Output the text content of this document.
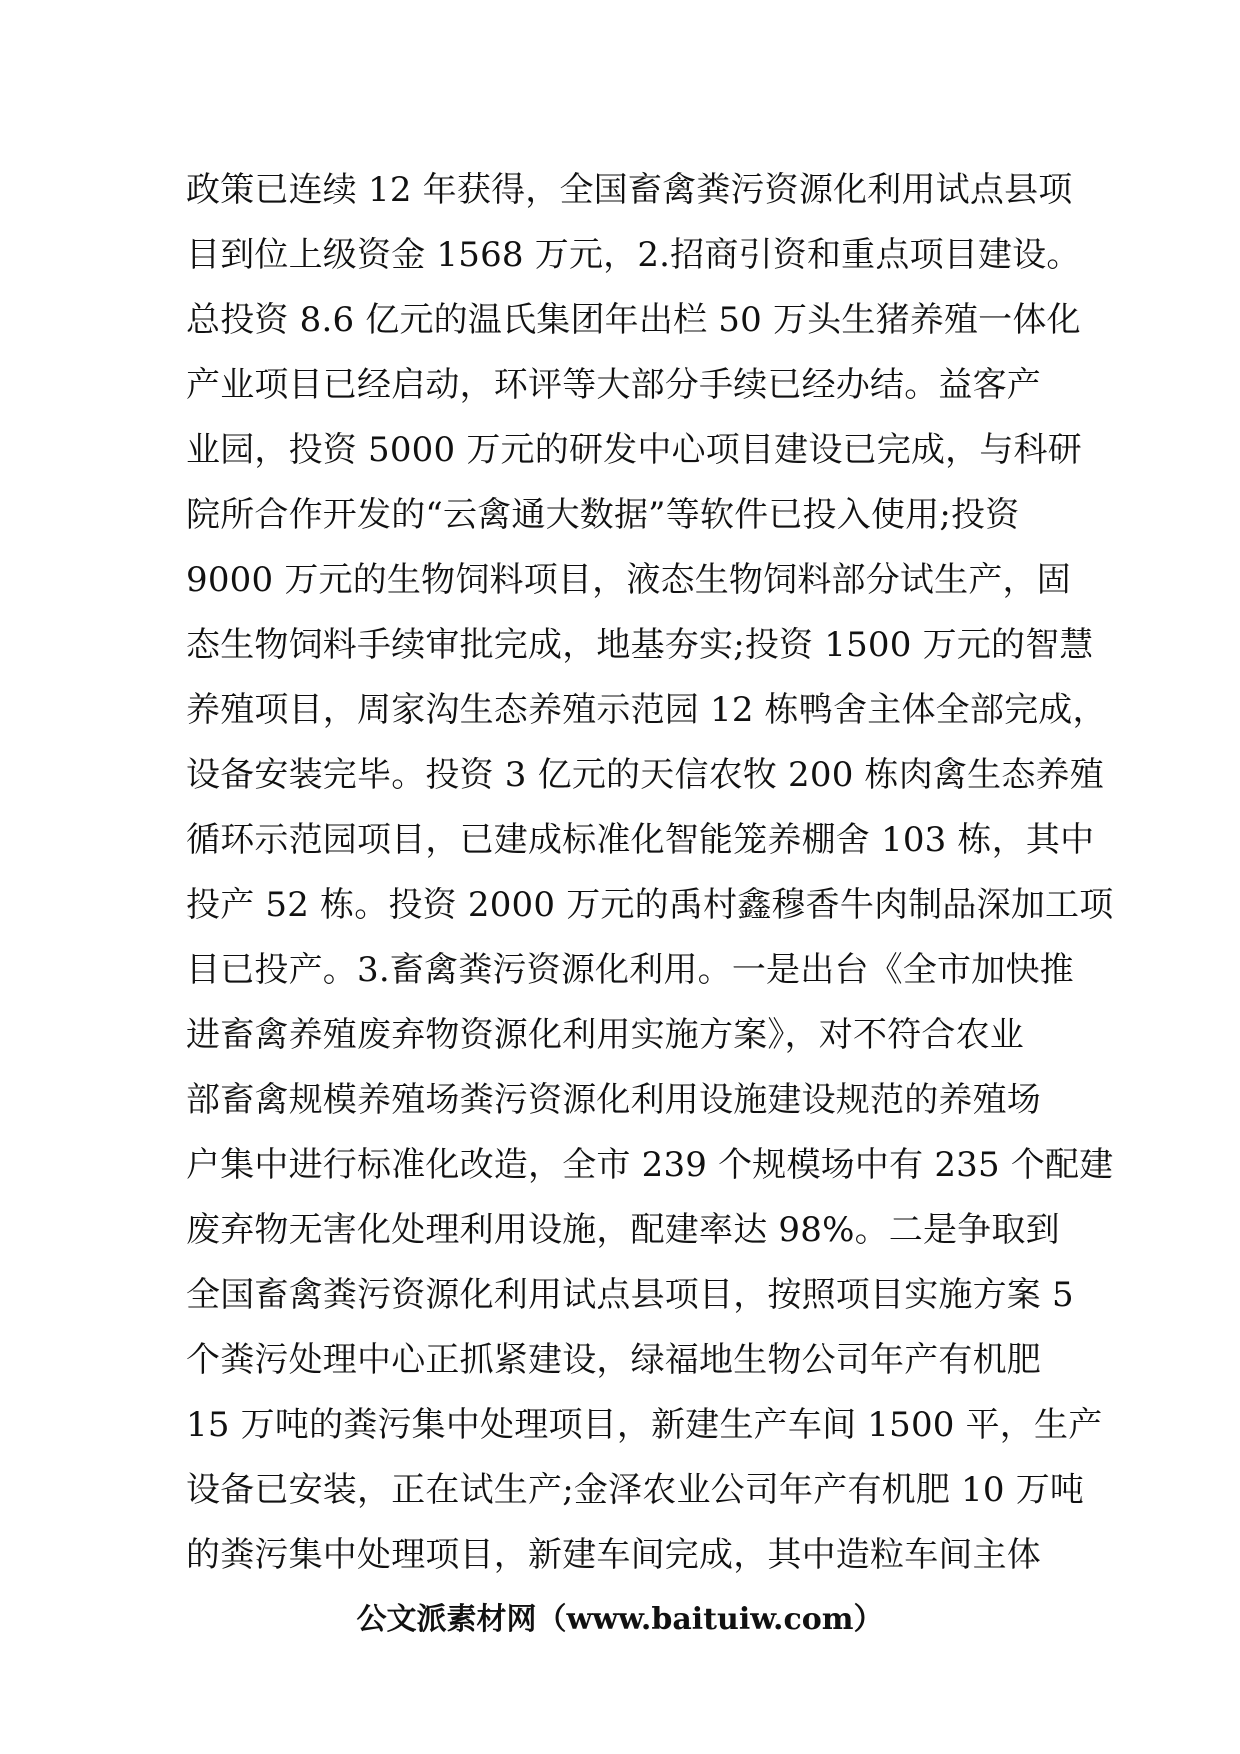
政策已连续 12 年获得，全国畜禽粪污资源化利用试点县项
目到位上级资金 1568 万元，2.招商引资和重点项目建设。
总投资 8.6 亿元的温氏集团年出栏 50 万头生猪养殖一体化
产业项目已经启动，环评等大部分手续已经办结。益客产
业园，投资 5000 万元的研发中心项目建设已完成，与科研
院所合作开发的“云禽通大数据”等软件已投入使用;投资
9000 万元的生物饲料项目，液态生物饲料部分试生产，固
态生物饲料手续审批完成，地基夯实;投资 1500 万元的智慧
养殖项目，周家沟生态养殖示范园 12 栋鸭舍主体全部完成，
设备安装完毕。投资 3 亿元的天信农牧 200 栋肉禽生态养殖
循环示范园项目，已建成标准化智能笼养棚舍 103 栋，其中
投产 52 栋。投资 2000 万元的禹村鑫穆香牛肉制品深加工项
目已投产。3.畜禽粪污资源化利用。一是出台《全市加快推
进畜禽养殖废弃物资源化利用实施方案》，对不符合农业
部畜禽规模养殖场粪污资源化利用设施建设规范的养殖场
户集中进行标准化改造，全市 239 个规模场中有 235 个配建
废弃物无害化处理利用设施，配建率达 98%。二是争取到
全国畜禽粪污资源化利用试点县项目，按照项目实施方案 5
个粪污处理中心正抓紧建设，绿福地生物公司年产有机肥
15 万吨的粪污集中处理项目，新建生产车间 1500 平，生产
设备已安装，正在试生产;金泽农业公司年产有机肥 10 万吨
的粪污集中处理项目，新建车间完成，其中造粒车间主体
公文派素材网（www.baituiw.com）
